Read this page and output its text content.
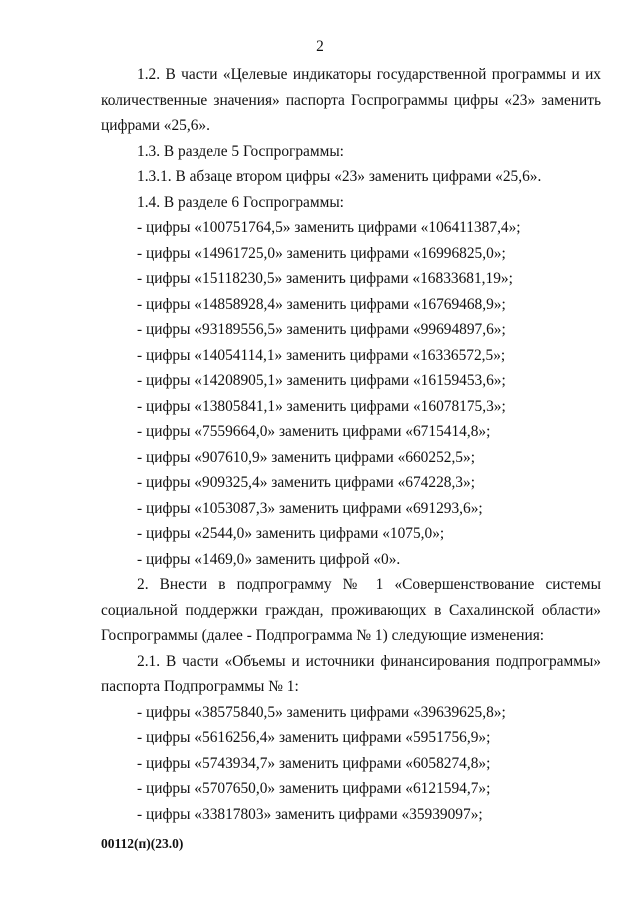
2

1.2. В части «Целевые индикаторы государственной программы и их количественные значения» паспорта Госпрограммы цифры «23» заменить цифрами «25,6».

1.3. В разделе 5 Госпрограммы:

1.3.1. В абзаце втором цифры «23» заменить цифрами «25,6».

1.4. В разделе 6 Госпрограммы:

- цифры «100751764,5» заменить цифрами «106411387,4»;

- цифры «14961725,0» заменить цифрами «16996825,0»;

- цифры «15118230,5» заменить цифрами «16833681,19»;

- цифры «14858928,4» заменить цифрами «16769468,9»;

- цифры «93189556,5» заменить цифрами «99694897,6»;

- цифры «14054114,1» заменить цифрами «16336572,5»;

- цифры «14208905,1» заменить цифрами «16159453,6»;

- цифры «13805841,1» заменить цифрами «16078175,3»;

- цифры «7559664,0» заменить цифрами «6715414,8»;

- цифры «907610,9» заменить цифрами «660252,5»;

- цифры «909325,4» заменить цифрами «674228,3»;

- цифры «1053087,3» заменить цифрами «691293,6»;

- цифры «2544,0» заменить цифрами «1075,0»;

- цифры «1469,0» заменить цифрой «0».

2. Внести в подпрограмму № 1 «Совершенствование системы социальной поддержки граждан, проживающих в Сахалинской области» Госпрограммы (далее - Подпрограмма № 1) следующие изменения:

2.1. В части «Объемы и источники финансирования подпрограммы» паспорта Подпрограммы № 1:

- цифры «38575840,5» заменить цифрами «39639625,8»;

- цифры «5616256,4» заменить цифрами «5951756,9»;

- цифры «5743934,7» заменить цифрами «6058274,8»;

- цифры «5707650,0» заменить цифрами «6121594,7»;

- цифры «33817803» заменить цифрами «35939097»;

00112(п)(23.0)
